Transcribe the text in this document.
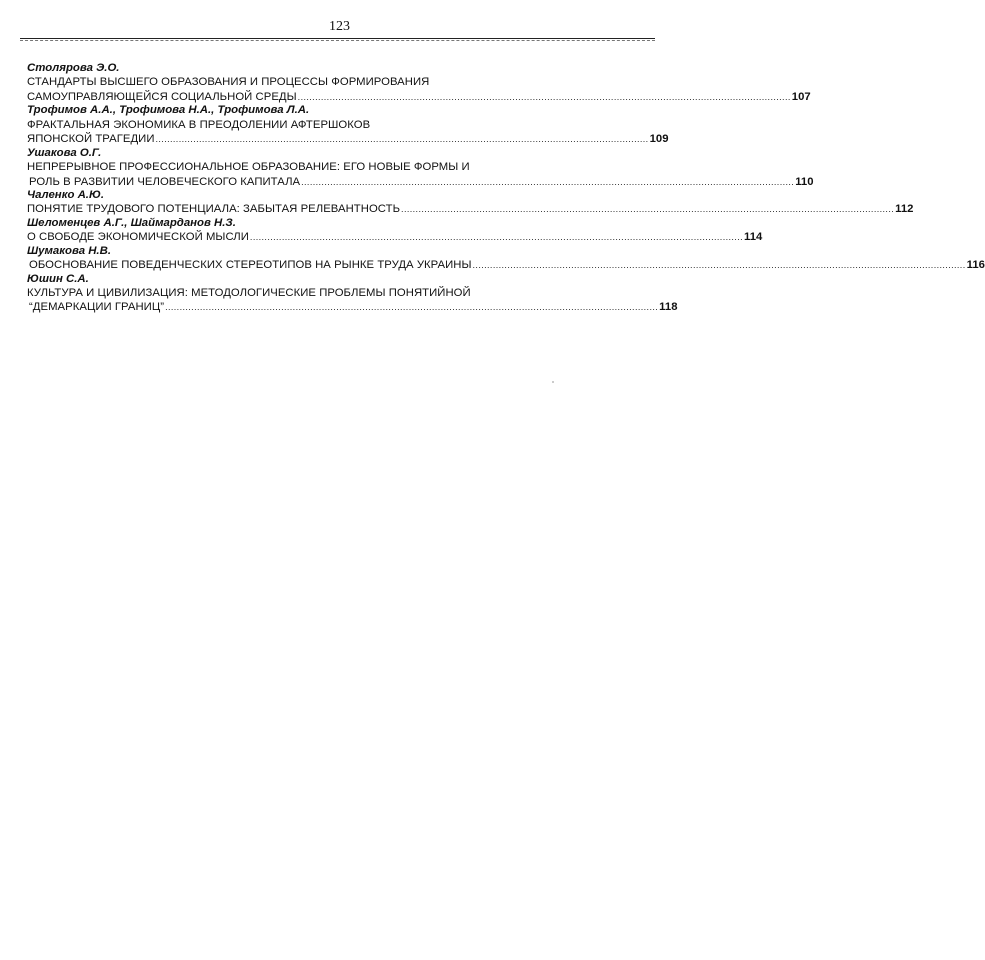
123
Столярова Э.О.
СТАНДАРТЫ ВЫСШЕГО ОБРАЗОВАНИЯ И ПРОЦЕССЫ ФОРМИРОВАНИЯ
САМОУПРАВЛЯЮЩЕЙСЯ СОЦИАЛЬНОЙ СРЕДЫ .......................................................................................................................................................................... 107
Трофимов А.А., Трофимова Н.А., Трофимова Л.А.
ФРАКТАЛЬНАЯ ЭКОНОМИКА В ПРЕОДОЛЕНИИ АФТЕРШОКОВ
ЯПОНСКОЙ ТРАГЕДИИ .......................................................................................................................................................................... 109
Ушакова О.Г.
НЕПРЕРЫВНОЕ ПРОФЕССИОНАЛЬНОЕ ОБРАЗОВАНИЕ: ЕГО НОВЫЕ ФОРМЫ И
РОЛЬ В РАЗВИТИИ ЧЕЛОВЕЧЕСКОГО КАПИТАЛА .......................................................................................................................................................................... 110
Чаленко А.Ю.
ПОНЯТИЕ ТРУДОВОГО ПОТЕНЦИАЛА: ЗАБЫТАЯ РЕЛЕВАНТНОСТЬ .......................................................................................................................................................................... 112
Шеломенцев А.Г., Шаймарданов Н.З.
О СВОБОДЕ ЭКОНОМИЧЕСКОЙ МЫСЛИ .......................................................................................................................................................................... 114
Шумакова Н.В.
ОБОСНОВАНИЕ ПОВЕДЕНЧЕСКИХ СТЕРЕОТИПОВ НА РЫНКЕ ТРУДА УКРАИНЫ .......................................................................................................................................................................... 116
Юшин С.А.
КУЛЬТУРА И ЦИВИЛИЗАЦИЯ: МЕТОДОЛОГИЧЕСКИЕ ПРОБЛЕМЫ ПОНЯТИЙНОЙ
“ДЕМАРКАЦИИ ГРАНИЦ” .......................................................................................................................................................................... 118
